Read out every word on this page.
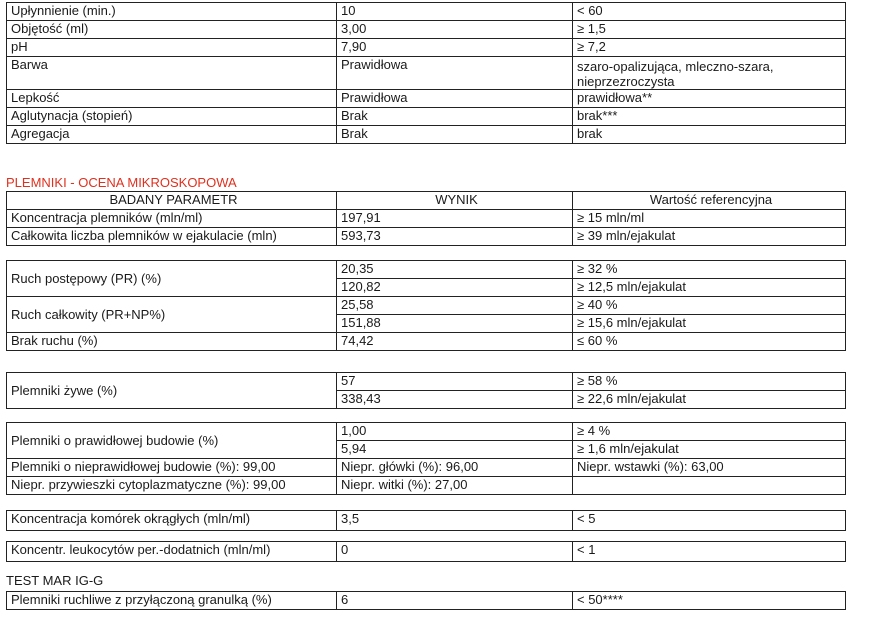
Upłynnienie (min.)	10	< 60
Objętość (ml)	3,00	≥ 1,5
pH	7,90	≥ 7,2
Barwa	Prawidłowa	szaro-opalizująca, mleczno-szara, nieprzezroczysta
Lepkość	Prawidłowa	prawidłowa**
Aglutynacja (stopień)	Brak	brak***
Agregacja	Brak	brak
PLEMNIKI - OCENA MIKROSKOPOWA
BADANY PARAMETR	WYNIK	Wartość referencyjna
Koncentracja plemników (mln/ml)	197,91	≥ 15 mln/ml
Całkowita liczba plemników w ejakulacie (mln)	593,73	≥ 39 mln/ejakulat
Ruch postępowy (PR) (%)	20,35	≥ 32 %
	120,82	≥ 12,5 mln/ejakulat
Ruch całkowity (PR+NP%)	25,58	≥ 40 %
	151,88	≥ 15,6 mln/ejakulat
Brak ruchu (%)	74,42	≤ 60 %
Plemniki żywe (%)	57	≥ 58 %
	338,43	≥ 22,6 mln/ejakulat
Plemniki o prawidłowej budowie (%)	1,00	≥ 4 %
	5,94	≥ 1,6 mln/ejakulat
Plemniki o nieprawidłowej budowie (%): 99,00	Niepr. główki (%): 96,00	Niepr. wstawki (%): 63,00
Niepr. przywieszki cytoplazmatyczne (%): 99,00	Niepr. witki (%): 27,00	
Koncentracja komórek okrągłych (mln/ml)	3,5	< 5
Koncentr. leukocytów per.-dodatnich (mln/ml)	0	< 1
TEST MAR IG-G
Plemniki ruchliwe z przyłączoną granulką (%)	6	< 50****
